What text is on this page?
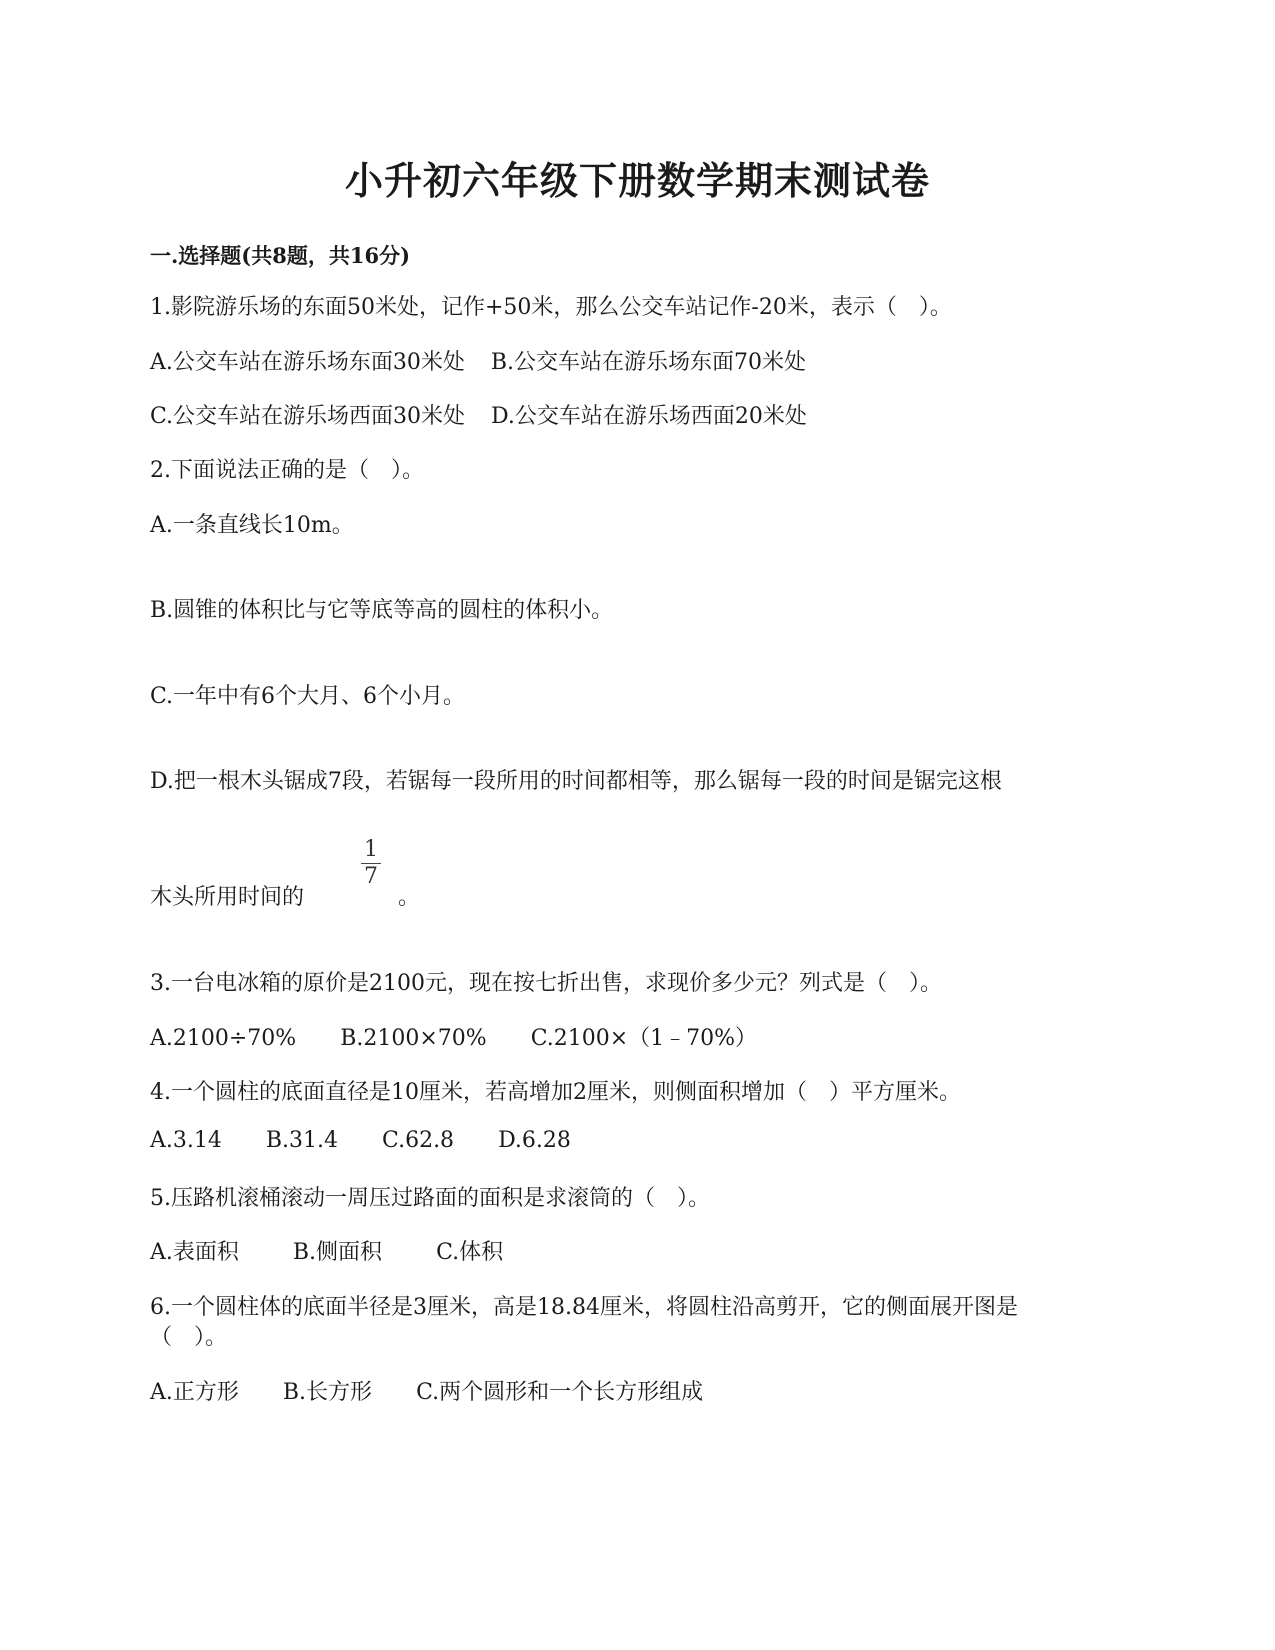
小升初六年级下册数学期末测试卷
一.选择题(共8题，共16分)
1.影院游乐场的东面50米处，记作+50米，那么公交车站记作-20米，表示（　）。
A.公交车站在游乐场东面30米处 B.公交车站在游乐场东面70米处
C.公交车站在游乐场西面30米处 D.公交车站在游乐场西面20米处
2.下面说法正确的是（　）。
A.一条直线长10m。
B.圆锥的体积比与它等底等高的圆柱的体积小。
C.一年中有6个大月、6个小月。
D.把一根木头锯成7段，若锯每一段所用的时间都相等，那么锯每一段的时间是锯完这根
木头所用时间的
1
7
。
3.一台电冰箱的原价是2100元，现在按七折出售，求现价多少元？列式是（　）。
A.2100÷70% B.2100×70% C.2100×（1﹣70%）
4.一个圆柱的底面直径是10厘米，若高增加2厘米，则侧面积增加（　）平方厘米。
A.3.14 B.31.4 C.62.8 D.6.28
5.压路机滚桶滚动一周压过路面的面积是求滚筒的（　）。
A.表面积 B.侧面积 C.体积
6.一个圆柱体的底面半径是3厘米，高是18.84厘米，将圆柱沿高剪开，它的侧面展开图是
（　）。
A.正方形 B.长方形 C.两个圆形和一个长方形组成
